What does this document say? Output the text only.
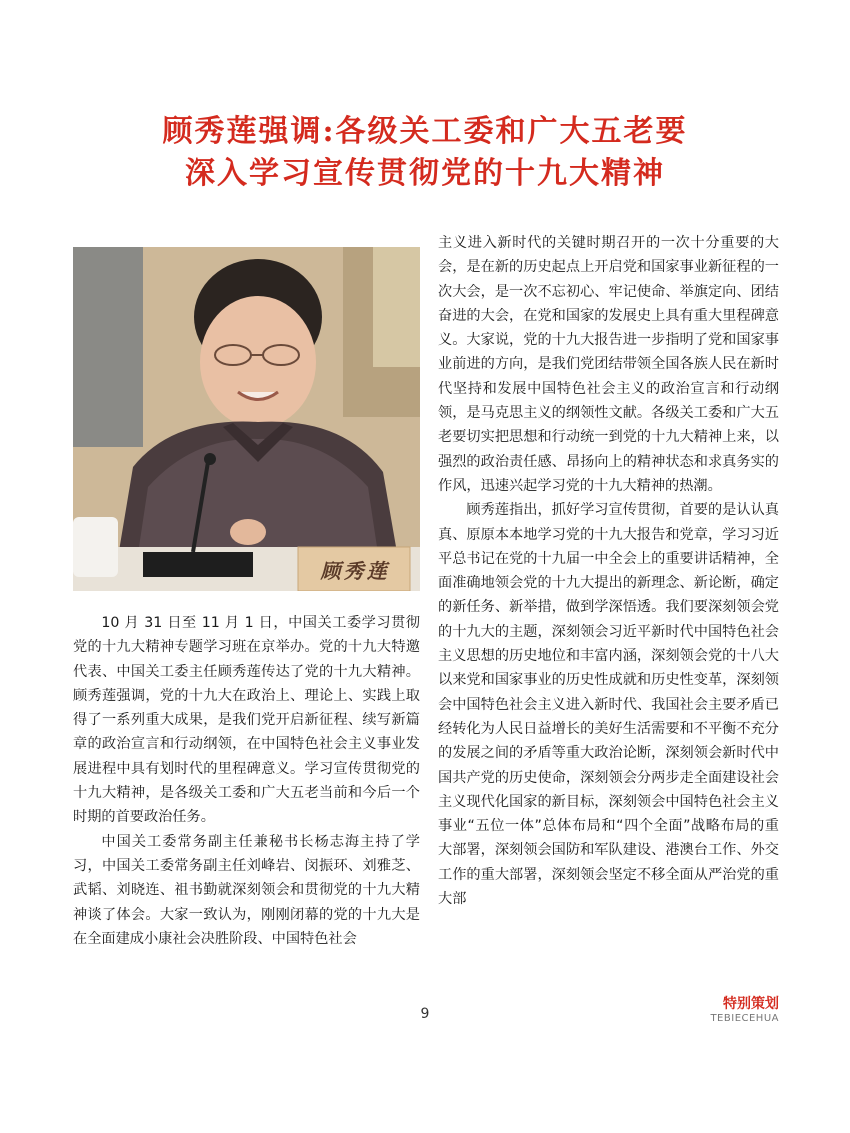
顾秀莲强调:各级关工委和广大五老要
深入学习宣传贯彻党的十九大精神
顾秀莲

10 月 31 日至 11 月 1 日，中国关工委学习贯彻党的十九大精神专题学习班在京举办。党的十九大特邀代表、中国关工委主任顾秀莲传达了党的十九大精神。顾秀莲强调，党的十九大在政治上、理论上、实践上取得了一系列重大成果，是我们党开启新征程、续写新篇章的政治宣言和行动纲领，在中国特色社会主义事业发展进程中具有划时代的里程碑意义。学习宣传贯彻党的十九大精神，是各级关工委和广大五老当前和今后一个时期的首要政治任务。

中国关工委常务副主任兼秘书长杨志海主持了学习，中国关工委常务副主任刘峰岩、闵振环、刘雅芝、武韬、刘晓连、祖书勤就深刻领会和贯彻党的十九大精神谈了体会。大家一致认为，刚刚闭幕的党的十九大是在全面建成小康社会决胜阶段、中国特色社会

主义进入新时代的关键时期召开的一次十分重要的大会，是在新的历史起点上开启党和国家事业新征程的一次大会，是一次不忘初心、牢记使命、举旗定向、团结奋进的大会，在党和国家的发展史上具有重大里程碑意义。大家说，党的十九大报告进一步指明了党和国家事业前进的方向，是我们党团结带领全国各族人民在新时代坚持和发展中国特色社会主义的政治宣言和行动纲领，是马克思主义的纲领性文献。各级关工委和广大五老要切实把思想和行动统一到党的十九大精神上来，以强烈的政治责任感、昂扬向上的精神状态和求真务实的作风，迅速兴起学习党的十九大精神的热潮。

顾秀莲指出，抓好学习宣传贯彻，首要的是认认真真、原原本本地学习党的十九大报告和党章，学习习近平总书记在党的十九届一中全会上的重要讲话精神，全面准确地领会党的十九大提出的新理念、新论断，确定的新任务、新举措，做到学深悟透。我们要深刻领会党的十九大的主题，深刻领会习近平新时代中国特色社会主义思想的历史地位和丰富内涵，深刻领会党的十八大以来党和国家事业的历史性成就和历史性变革，深刻领会中国特色社会主义进入新时代、我国社会主要矛盾已经转化为人民日益增长的美好生活需要和不平衡不充分的发展之间的矛盾等重大政治论断，深刻领会新时代中国共产党的历史使命，深刻领会分两步走全面建设社会主义现代化国家的新目标，深刻领会中国特色社会主义事业“五位一体”总体布局和“四个全面”战略布局的重大部署，深刻领会国防和军队建设、港澳台工作、外交工作的重大部署，深刻领会坚定不移全面从严治党的重大部

9
特别策划
TEBIECEHUA
